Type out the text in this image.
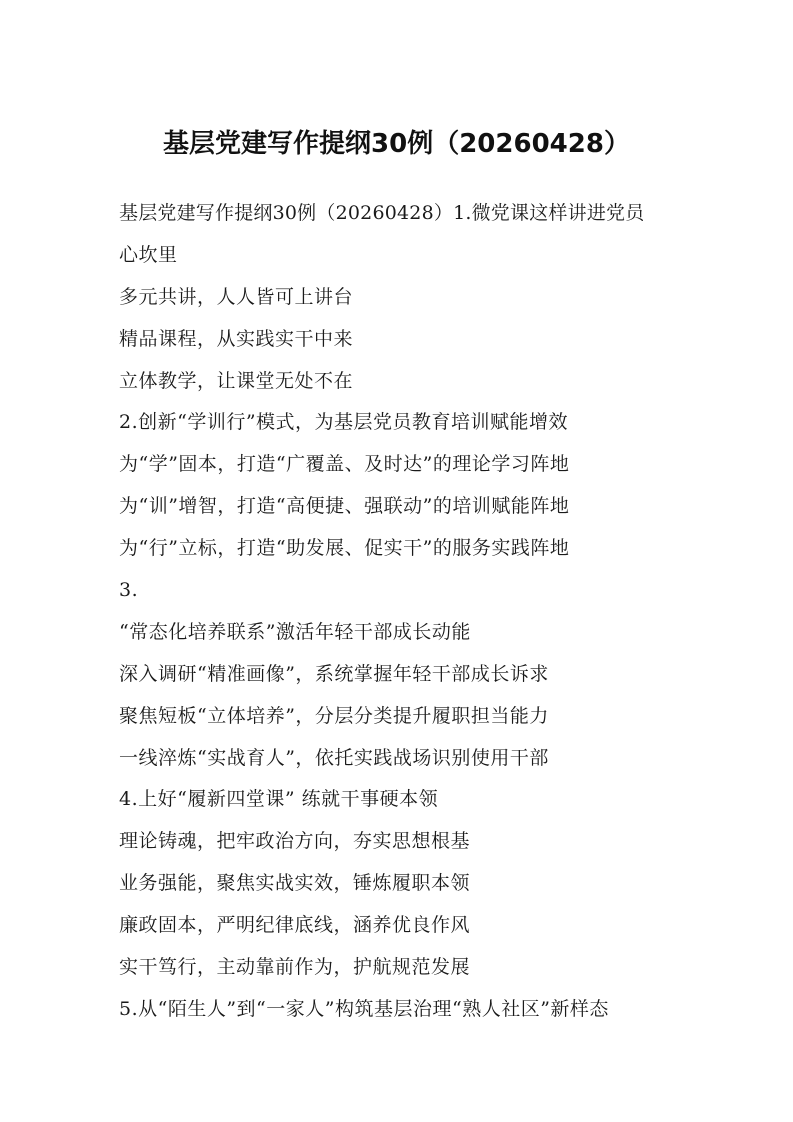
基层党建写作提纲30例（20260428）
基层党建写作提纲30例（20260428）1.微党课这样讲进党员
心坎里
多元共讲，人人皆可上讲台
精品课程，从实践实干中来
立体教学，让课堂无处不在
2.创新“学训行”模式，为基层党员教育培训赋能增效
为“学”固本，打造“广覆盖、及时达”的理论学习阵地
为“训”增智，打造“高便捷、强联动”的培训赋能阵地
为“行”立标，打造“助发展、促实干”的服务实践阵地
3.
“常态化培养联系”激活年轻干部成长动能
深入调研“精准画像”，系统掌握年轻干部成长诉求
聚焦短板“立体培养”，分层分类提升履职担当能力
一线淬炼“实战育人”，依托实践战场识别使用干部
4.上好“履新四堂课” 练就干事硬本领
理论铸魂，把牢政治方向，夯实思想根基
业务强能，聚焦实战实效，锤炼履职本领
廉政固本，严明纪律底线，涵养优良作风
实干笃行，主动靠前作为，护航规范发展
5.从“陌生人”到“一家人”构筑基层治理“熟人社区”新样态
